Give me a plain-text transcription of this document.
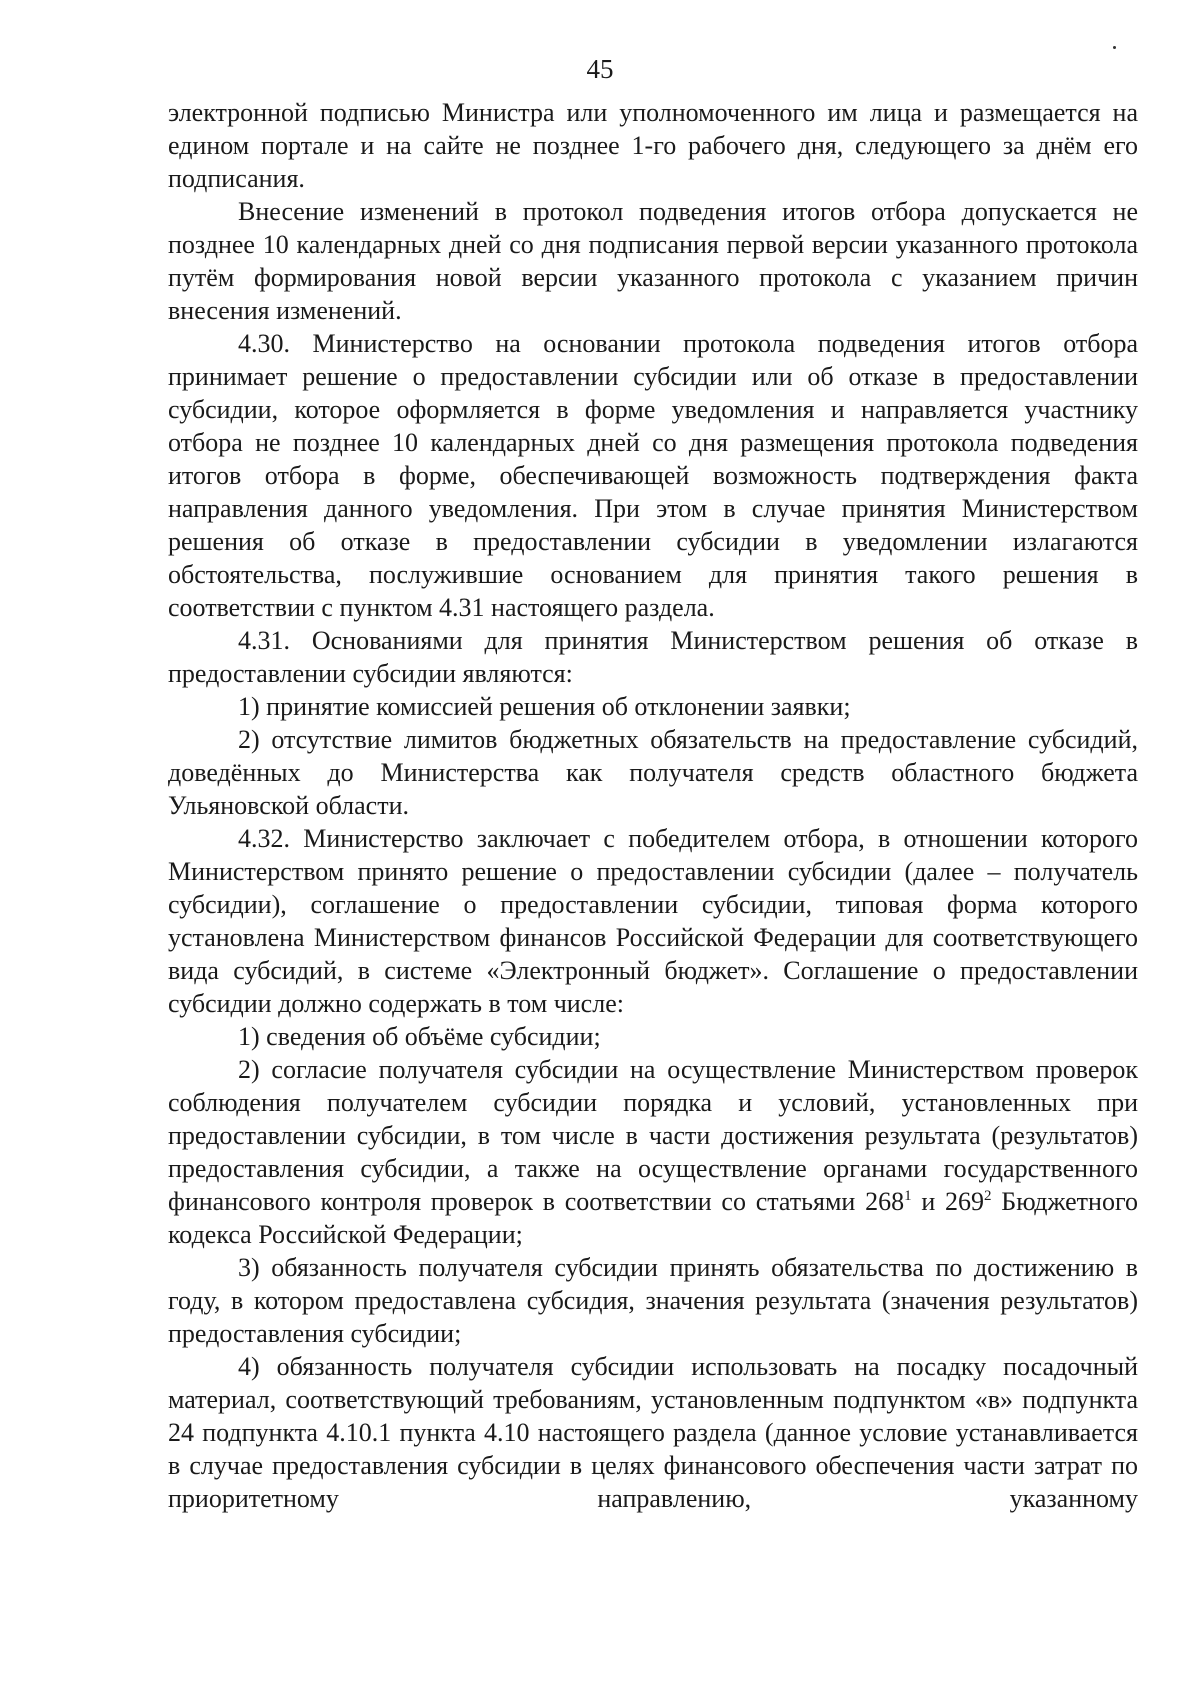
45

электронной подписью Министра или уполномоченного им лица и размещается на едином портале и на сайте не позднее 1-го рабочего дня, следующего за днём его подписания.

Внесение изменений в протокол подведения итогов отбора допускается не позднее 10 календарных дней со дня подписания первой версии указанного протокола путём формирования новой версии указанного протокола с указанием причин внесения изменений.

4.30. Министерство на основании протокола подведения итогов отбора принимает решение о предоставлении субсидии или об отказе в предоставлении субсидии, которое оформляется в форме уведомления и направляется участнику отбора не позднее 10 календарных дней со дня размещения протокола подведения итогов отбора в форме, обеспечивающей возможность подтверждения факта направления данного уведомления. При этом в случае принятия Министерством решения об отказе в предоставлении субсидии в уведомлении излагаются обстоятельства, послужившие основанием для принятия такого решения в соответствии с пунктом 4.31 настоящего раздела.

4.31. Основаниями для принятия Министерством решения об отказе в предоставлении субсидии являются:

1) принятие комиссией решения об отклонении заявки;

2) отсутствие лимитов бюджетных обязательств на предоставление субсидий, доведённых до Министерства как получателя средств областного бюджета Ульяновской области.

4.32. Министерство заключает с победителем отбора, в отношении которого Министерством принято решение о предоставлении субсидии (далее – получатель субсидии), соглашение о предоставлении субсидии, типовая форма которого установлена Министерством финансов Российской Федерации для соответствующего вида субсидий, в системе «Электронный бюджет». Соглашение о предоставлении субсидии должно содержать в том числе:

1) сведения об объёме субсидии;

2) согласие получателя субсидии на осуществление Министерством проверок соблюдения получателем субсидии порядка и условий, установленных при предоставлении субсидии, в том числе в части достижения результата (результатов) предоставления субсидии, а также на осуществление органами государственного финансового контроля проверок в соответствии со статьями $268^1$ и $269^2$ Бюджетного кодекса Российской Федерации;

3) обязанность получателя субсидии принять обязательства по достижению в году, в котором предоставлена субсидия, значения результата (значения результатов) предоставления субсидии;

4) обязанность получателя субсидии использовать на посадку посадочный материал, соответствующий требованиям, установленным подпунктом «в» подпункта 24 подпункта 4.10.1 пункта 4.10 настоящего раздела (данное условие устанавливается в случае предоставления субсидии в целях финансового обеспечения части затрат по приоритетному направлению, указанному
